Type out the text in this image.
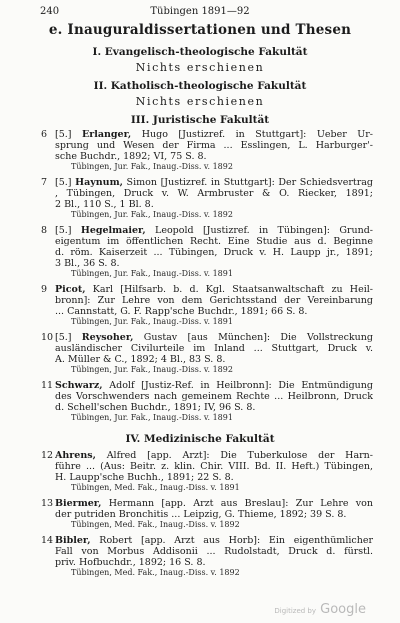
240	Tübingen 1891—92
e. Inauguraldissertationen und Thesen
I. Evangelisch-theologische Fakultät
Nichts erschienen
II. Katholisch-theologische Fakultät
Nichts erschienen
III. Juristische Fakultät
6 [5.] Erlanger, Hugo [Justizref. in Stuttgart]: Ueber Ur-
sprung und Wesen der Firma ... Esslingen, L. Harburger'-
sche Buchdr., 1892; VI, 75 S. 8.
Tübingen, Jur. Fak., Inaug.-Diss. v. 1892
7 [5.] Haynum, Simon [Justizref. in Stuttgart]: Der Schiedsvertrag
, Tübingen, Druck v. W. Armbruster & O. Riecker, 1891;
2 Bl., 110 S., 1 Bl. 8.
Tübingen, Jur. Fak., Inaug.-Diss. v. 1892
8 [5.] Hegelmaier, Leopold [Justizref. in Tübingen]: Grund-
eigentum im öffentlichen Recht. Eine Studie aus d. Beginne
d. röm. Kaiserzeit ... Tübingen, Druck v. H. Laupp jr., 1891;
3 Bl., 36 S. 8.
Tübingen, Jur. Fak., Inaug.-Diss. v. 1891
9 Picot, Karl [Hilfsarb. b. d. Kgl. Staatsanwaltschaft zu Heil-
bronn]: Zur Lehre von dem Gerichtsstand der Vereinbarung
... Cannstatt, G. F. Rapp'sche Buchdr., 1891; 66 S. 8.
Tübingen, Jur. Fak., Inaug.-Diss. v. 1891
10 [5.] Reysoher, Gustav [aus München]: Die Vollstreckung
ausländischer Civilurteile im Inland ... Stuttgart, Druck v.
A. Müller & C., 1892; 4 Bl., 83 S. 8.
Tübingen, Jur. Fak., Inaug.-Diss. v. 1892
11 Schwarz, Adolf [Justiz-Ref. in Heilbronn]: Die Entmündigung
des Vorschwenders nach gemeinem Rechte ... Heilbronn, Druck
d. Schell'schen Buchdr., 1891; IV, 96 S. 8.
Tübingen, Jur. Fak., Inaug.-Diss. v. 1891
IV. Medizinische Fakultät
12 Ahrens, Alfred [app. Arzt]: Die Tuberkulose der Harn-
führe ... (Aus: Beitr. z. klin. Chir. VIII. Bd. II. Heft.) Tübingen,
H. Laupp'sche Buchh., 1891; 22 S. 8.
Tübingen, Med. Fak., Inaug.-Diss. v. 1891
13 Biermer, Hermann [app. Arzt aus Breslau]: Zur Lehre von
der putriden Bronchitis ... Leipzig, G. Thieme, 1892; 39 S. 8.
Tübingen, Med. Fak., Inaug.-Diss. v. 1892
14 Bibler, Robert [app. Arzt aus Horb]: Ein eigenthümlicher
Fall von Morbus Addisonii ... Rudolstadt, Druck d. fürstl.
priv. Hofbuchdr., 1892; 16 S. 8.
Tübingen, Med. Fak., Inaug.-Diss. v. 1892
Digitized by Google
